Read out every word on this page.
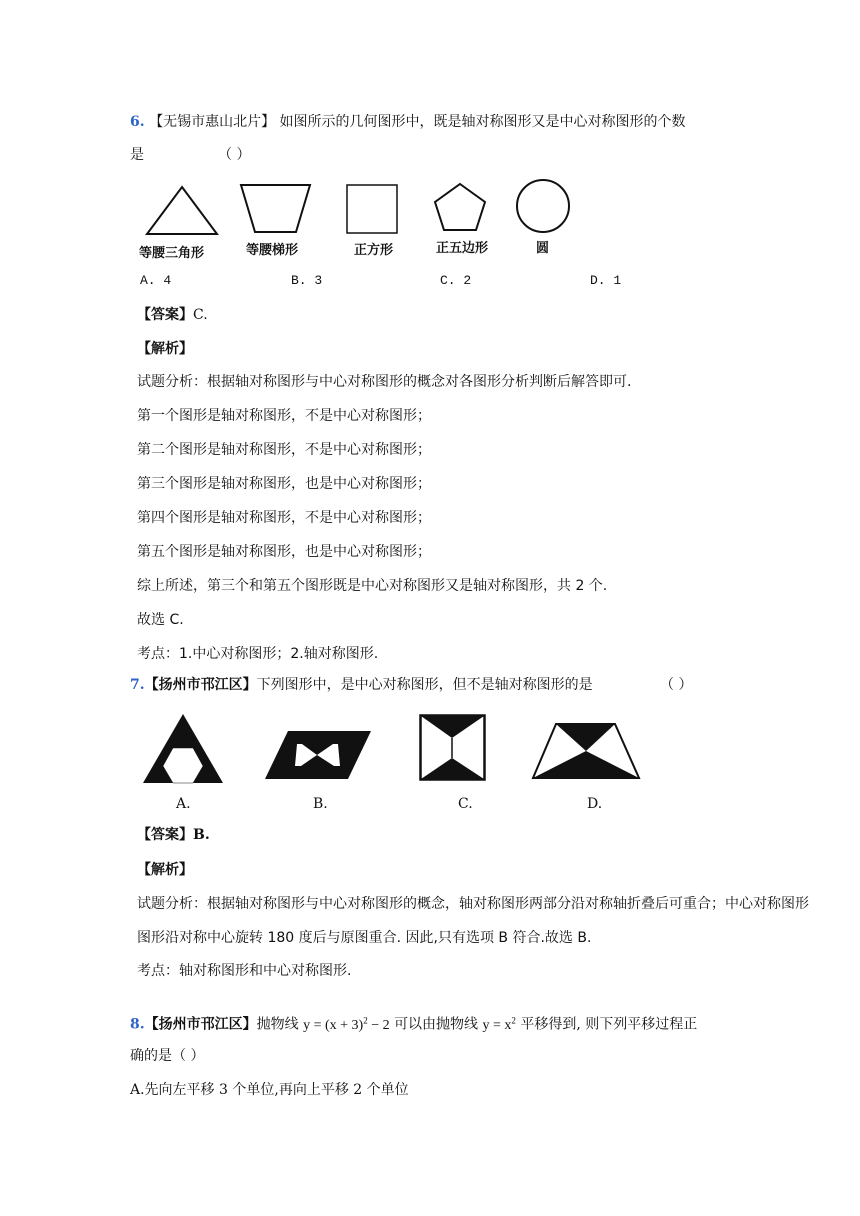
6. 【无锡市惠山北片】 如图所示的几何图形中，既是轴对称图形又是中心对称图形的个数
是	（ ）
等腰三角形	等腰梯形	正方形	正五边形	圆
A. 4	B. 3	C. 2	D. 1
【答案】C.
【解析】
试题分析：根据轴对称图形与中心对称图形的概念对各图形分析判断后解答即可.
第一个图形是轴对称图形，不是中心对称图形；
第二个图形是轴对称图形，不是中心对称图形；
第三个图形是轴对称图形，也是中心对称图形；
第四个图形是轴对称图形，不是中心对称图形；
第五个图形是轴对称图形，也是中心对称图形；
综上所述，第三个和第五个图形既是中心对称图形又是轴对称图形，共 2 个.
故选 C.
考点：1.中心对称图形；2.轴对称图形.
7.【扬州市邗江区】下列图形中，是中心对称图形，但不是轴对称图形的是	（ ）
A.	B.	C.	D.
【答案】B.
【解析】
试题分析：根据轴对称图形与中心对称图形的概念，轴对称图形两部分沿对称轴折叠后可重合；中心对称图形
图形沿对称中心旋转 180 度后与原图重合. 因此,只有选项 B 符合.故选 B.
考点：轴对称图形和中心对称图形.
8.【扬州市邗江区】抛物线 $y = (x + 3)^2 - 2$ 可以由抛物线 $y = x^2$ 平移得到, 则下列平移过程正
确的是（ ）
A.先向左平移 3 个单位,再向上平移 2 个单位
